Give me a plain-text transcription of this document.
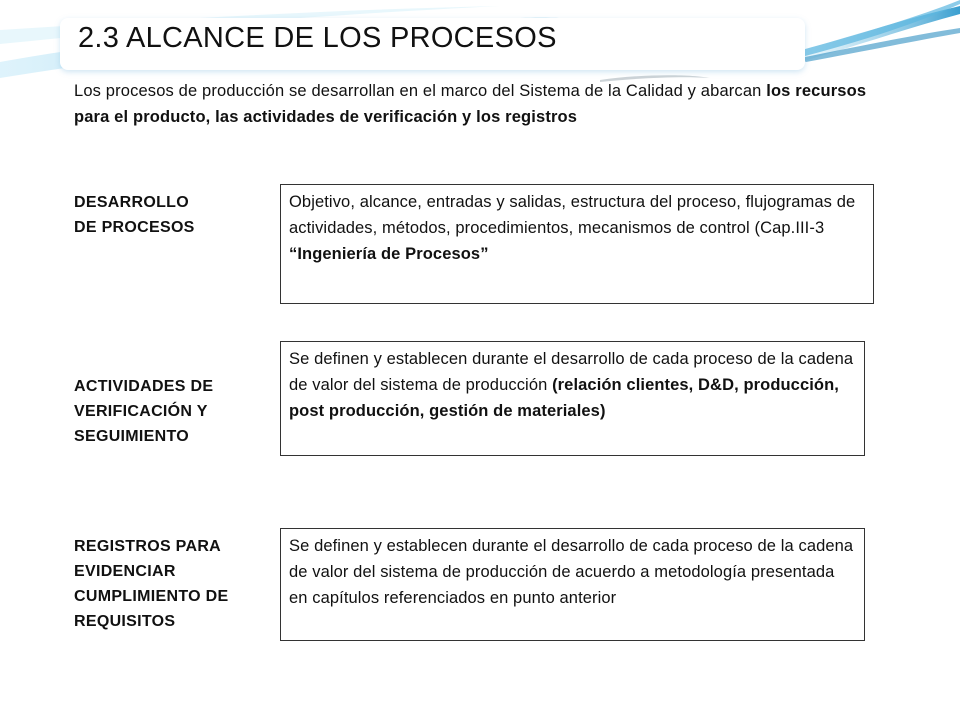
2.3 ALCANCE DE LOS PROCESOS
Los procesos de producción se desarrollan en el marco del Sistema de la Calidad y abarcan los recursos para el producto, las actividades de verificación y los registros
DESARROLLO
DE PROCESOS
Objetivo, alcance, entradas y salidas, estructura del proceso, flujogramas de actividades, métodos, procedimientos, mecanismos de control (Cap.III-3 “Ingeniería de Procesos”
ACTIVIDADES DE
VERIFICACIÓN Y
SEGUIMIENTO
Se definen y establecen durante el desarrollo de cada proceso de la cadena de valor del sistema de producción (relación clientes, D&D, producción, post producción, gestión de materiales)
REGISTROS PARA
EVIDENCIAR
CUMPLIMIENTO DE
REQUISITOS
Se definen y establecen durante el desarrollo de cada proceso de la cadena de valor del sistema de producción de acuerdo a metodología presentada en capítulos referenciados en punto anterior
